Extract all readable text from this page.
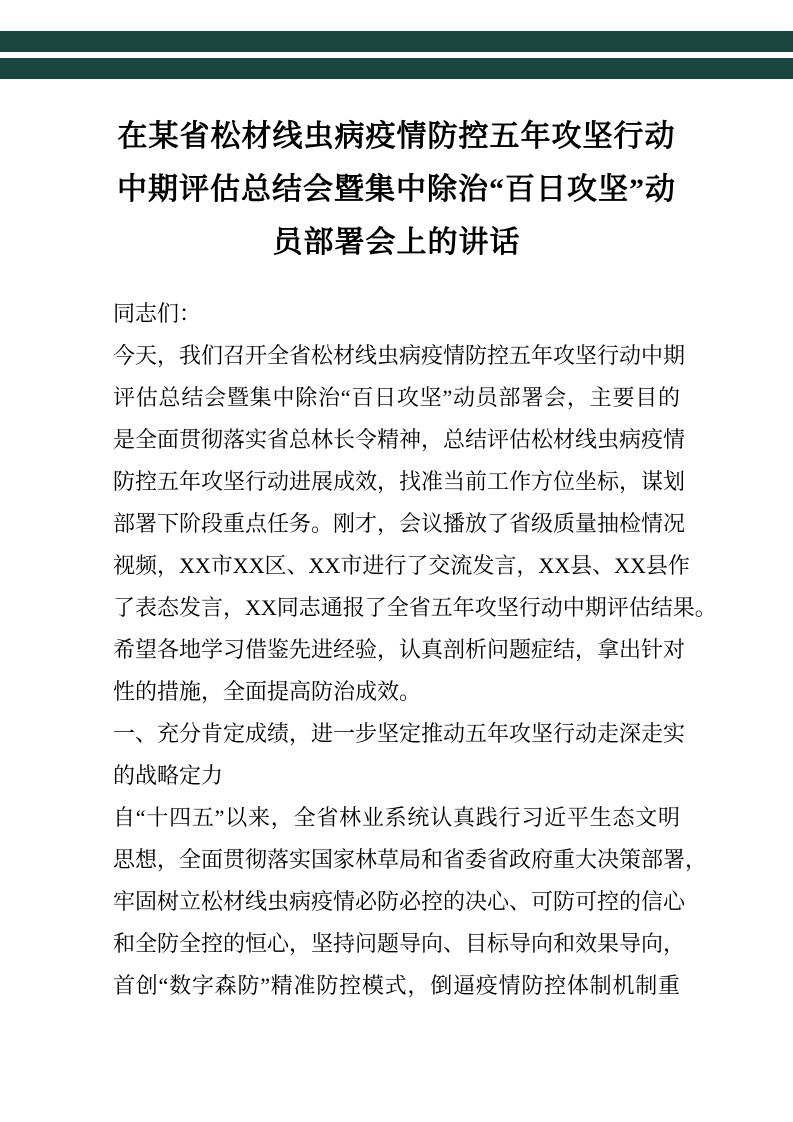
在某省松材线虫病疫情防控五年攻坚行动
中期评估总结会暨集中除治“百日攻坚”动
员部署会上的讲话
同志们：
今天，我们召开全省松材线虫病疫情防控五年攻坚行动中期
评估总结会暨集中除治“百日攻坚”动员部署会，主要目的
是全面贯彻落实省总林长令精神，总结评估松材线虫病疫情
防控五年攻坚行动进展成效，找准当前工作方位坐标，谋划
部署下阶段重点任务。刚才，会议播放了省级质量抽检情况
视频，XX市XX区、XX市进行了交流发言，XX县、XX县作
了表态发言，XX同志通报了全省五年攻坚行动中期评估结果。
希望各地学习借鉴先进经验，认真剖析问题症结，拿出针对
性的措施，全面提高防治成效。
一、充分肯定成绩，进一步坚定推动五年攻坚行动走深走实
的战略定力
自“十四五”以来，全省林业系统认真践行习近平生态文明
思想，全面贯彻落实国家林草局和省委省政府重大决策部署，
牢固树立松材线虫病疫情必防必控的决心、可防可控的信心
和全防全控的恒心，坚持问题导向、目标导向和效果导向，
首创“数字森防”精准防控模式，倒逼疫情防控体制机制重
